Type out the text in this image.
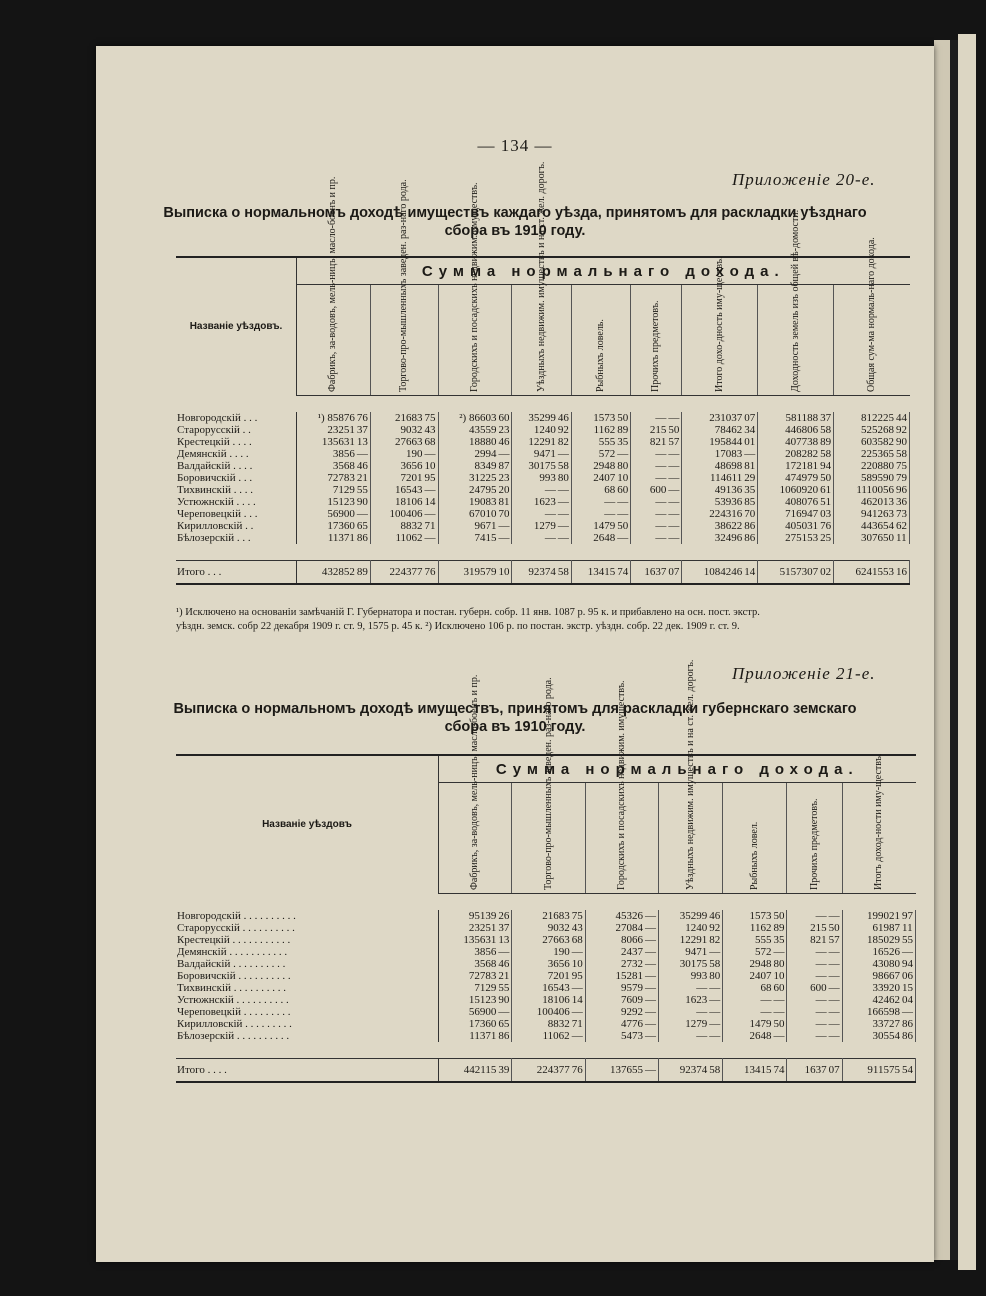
— 134 —
Приложеніе 20-е.
Выписка о нормальномъ доходѣ имуществъ каждаго уѣзда, принятомъ для раскладки уѣзднаго
сбора въ 1910 году.
Названіе уѣздовъ.	Сумма нормальнаго дохода.																	
	Фабрикъ, за-водовъ, мель-ницъ, масло-боенъ и пр.		Торгово-про-мышленныхъ заведен. раз-наго рода.		Городскихъ и посадскихъ недвижим. имуществъ.		Уѣздныхъ недвижим. имуществъ и на ст. жел. дорогъ.		Рыбныхъ ловель.		Прочихъ предметовъ.		Итого дохо-дность иму-ществъ.		Доходность земель изъ общей вѣ-домости.		Общая сум-ма нормаль-наго дохода.	

Новгородскій . . .	¹) 85876	76	21683	75	²) 86603	60	35299	46	1573	50	—	—	231037	07	581188	37	812225	44
Старорусскій . .	23251	37	9032	43	43559	23	1240	92	1162	89	215	50	78462	34	446806	58	525268	92
Крестецкій . . . .	135631	13	27663	68	18880	46	12291	82	555	35	821	57	195844	01	407738	89	603582	90
Демянскій . . . .	3856	—	190	—	2994	—	9471	—	572	—	—	—	17083	—	208282	58	225365	58
Валдайскій . . . .	3568	46	3656	10	8349	87	30175	58	2948	80	—	—	48698	81	172181	94	220880	75
Боровичскій . . .	72783	21	7201	95	31225	23	993	80	2407	10	—	—	114611	29	474979	50	589590	79
Тихвинскій . . . .	7129	55	16543	—	24795	20	—	—	68	60	600	—	49136	35	1060920	61	1110056	96
Устюжнскій . . . .	15123	90	18106	14	19083	81	1623	—	—	—	—	—	53936	85	408076	51	462013	36
Череповецкій . . .	56900	—	100406	—	67010	70	—	—	—	—	—	—	224316	70	716947	03	941263	73
Кирилловскій . .	17360	65	8832	71	9671	—	1279	—	1479	50	—	—	38622	86	405031	76	443654	62
Бѣлозерскій . . .	11371	86	11062	—	7415	—	—	—	2648	—	—	—	32496	86	275153	25	307650	11

Итого . . .	432852	89	224377	76	319579	10	92374	58	13415	74	1637	07	1084246	14	5157307	02	6241553	16
¹) Исключено на основаніи замѣчаній Г. Губернатора и постан. губерн. собр. 11 янв. 1087 р. 95 к. и прибавлено на осн. пост. экстр.
уѣздн. земск. собр 22 декабря 1909 г. ст. 9, 1575 р. 45 к. ²) Исключено 106 р. по постан. экстр. уѣздн. собр. 22 дек. 1909 г. ст. 9.
Приложеніе 21-е.
Выписка о нормальномъ доходѣ имуществъ, принятомъ для раскладки губернскаго земскаго
сбора въ 1910 году.
Названіе уѣздовъ	Сумма нормальнаго дохода.													
	Фабрикъ, за-водовъ, мель-ницъ, масло-боенъ и пр.		Торгово-про-мышленныхъ заведен. раз-наго рода.		Городскихъ и посадскихъ недвижим. имуществъ.		Уѣздныхъ недвижим. имуществъ и на ст. жел. дорогъ.		Рыбныхъ ловел.		Прочихъ предметовъ.		Итогъ доход-ности иму-ществъ.	

Новгородскій . . . . . . . . . .	95139	26	21683	75	45326	—	35299	46	1573	50	—	—	199021	97
Старорусскій . . . . . . . . . .	23251	37	9032	43	27084	—	1240	92	1162	89	215	50	61987	11
Крестецкій . . . . . . . . . . .	135631	13	27663	68	8066	—	12291	82	555	35	821	57	185029	55
Демянскій . . . . . . . . . . .	3856	—	190	—	2437	—	9471	—	572	—	—	—	16526	—
Валдайскій . . . . . . . . . .	3568	46	3656	10	2732	—	30175	58	2948	80	—	—	43080	94
Боровичскій . . . . . . . . . .	72783	21	7201	95	15281	—	993	80	2407	10	—	—	98667	06
Тихвинскій . . . . . . . . . .	7129	55	16543	—	9579	—	—	—	68	60	600	—	33920	15
Устюжнскій . . . . . . . . . .	15123	90	18106	14	7609	—	1623	—	—	—	—	—	42462	04
Череповецкій . . . . . . . . .	56900	—	100406	—	9292	—	—	—	—	—	—	—	166598	—
Кирилловскій . . . . . . . . .	17360	65	8832	71	4776	—	1279	—	1479	50	—	—	33727	86
Бѣлозерскій . . . . . . . . . .	11371	86	11062	—	5473	—	—	—	2648	—	—	—	30554	86

Итого . . . .	442115	39	224377	76	137655	—	92374	58	13415	74	1637	07	911575	54
